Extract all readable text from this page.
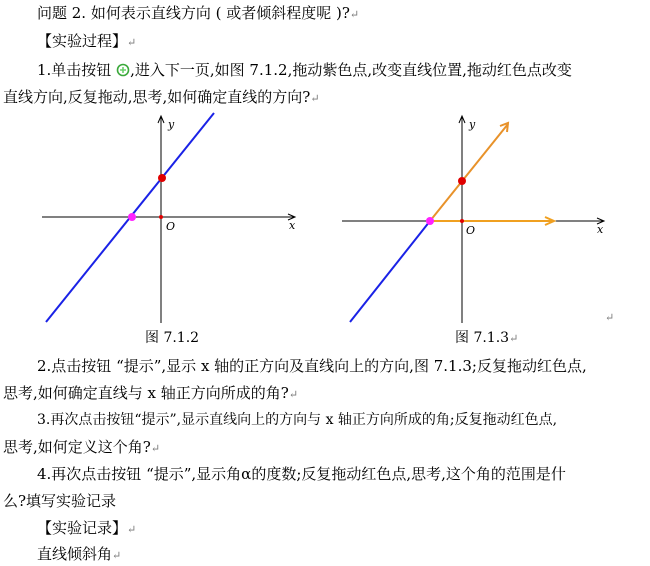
问题 2. 如何表示直线方向 ( 或者倾斜程度呢 )?↵
【实验过程】↵
1.单击按钮 ,进入下一页,如图 7.1.2,拖动紫色点,改变直线位置,拖动红色点改变
直线方向,反复拖动,思考,如何确定直线的方向?↵
y
x
O
图 7.1.2
y
x
O
图 7.1.3↵
↵
2.点击按钮 “提示”,显示 x 轴的正方向及直线向上的方向,图 7.1.3;反复拖动红色点,
思考,如何确定直线与 x 轴正方向所成的角?↵
3.再次点击按钮“提示”,显示直线向上的方向与 x 轴正方向所成的角;反复拖动红色点,
思考,如何定义这个角?↵
4.再次点击按钮 “提示”,显示角α的度数;反复拖动红色点,思考,这个角的范围是什
么?填写实验记录
【实验记录】↵
直线倾斜角↵
